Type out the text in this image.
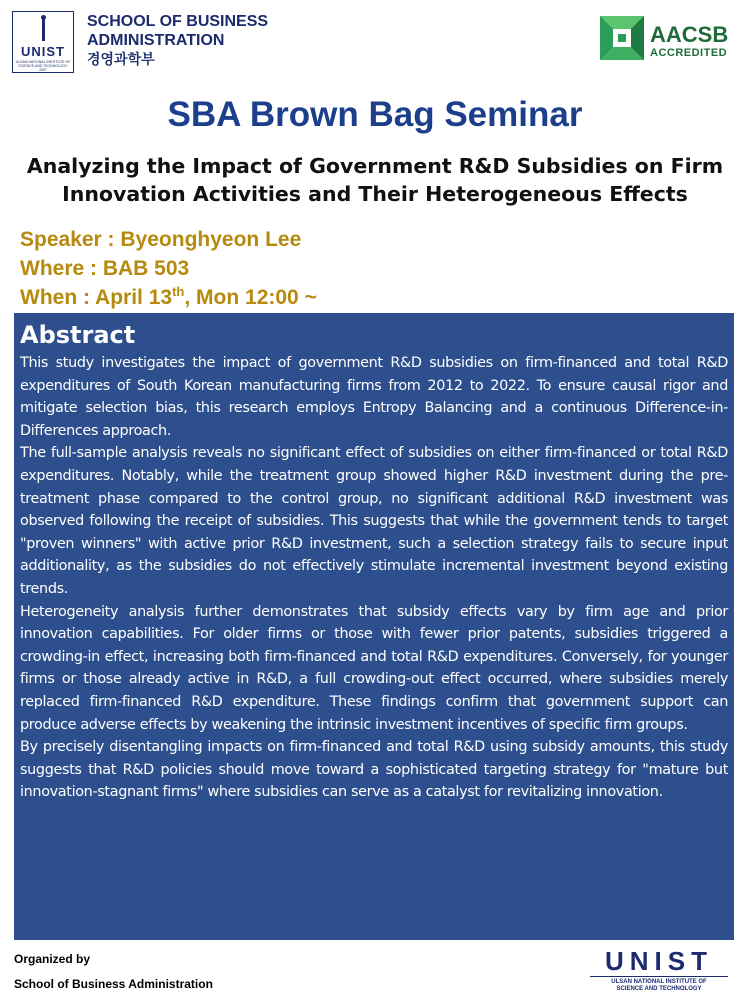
UNIST
ULSAN NATIONAL INSTITUTE OF
SCIENCE AND TECHNOLOGY
2007
SCHOOL OF BUSINESS
ADMINISTRATION
경영과학부
AACSB
ACCREDITED
SBA Brown Bag Seminar
Analyzing the Impact of Government R&D Subsidies on Firm
Innovation Activities and Their Heterogeneous Effects
Speaker : Byeonghyeon Lee
Where : BAB 503
When : April 13th, Mon 12:00 ~
Abstract

This study investigates the impact of government R&D subsidies on firm-financed and total R&D expenditures of South Korean manufacturing firms from 2012 to 2022. To ensure causal rigor and mitigate selection bias, this research employs Entropy Balancing and a continuous Difference-in-Differences approach.

The full-sample analysis reveals no significant effect of subsidies on either firm-financed or total R&D expenditures. Notably, while the treatment group showed higher R&D investment during the pre-treatment phase compared to the control group, no significant additional R&D investment was observed following the receipt of subsidies. This suggests that while the government tends to target "proven winners" with active prior R&D investment, such a selection strategy fails to secure input additionality, as the subsidies do not effectively stimulate incremental investment beyond existing trends.

Heterogeneity analysis further demonstrates that subsidy effects vary by firm age and prior innovation capabilities. For older firms or those with fewer prior patents, subsidies triggered a crowding-in effect, increasing both firm-financed and total R&D expenditures. Conversely, for younger firms or those already active in R&D, a full crowding-out effect occurred, where subsidies merely replaced firm-financed R&D expenditure. These findings confirm that government support can produce adverse effects by weakening the intrinsic investment incentives of specific firm groups.

By precisely disentangling impacts on firm-financed and total R&D using subsidy amounts, this study suggests that R&D policies should move toward a sophisticated targeting strategy for "mature but innovation-stagnant firms" where subsidies can serve as a catalyst for revitalizing innovation.

Organized by
School of Business Administration
UNIST
ULSAN NATIONAL INSTITUTE OF
SCIENCE AND TECHNOLOGY
